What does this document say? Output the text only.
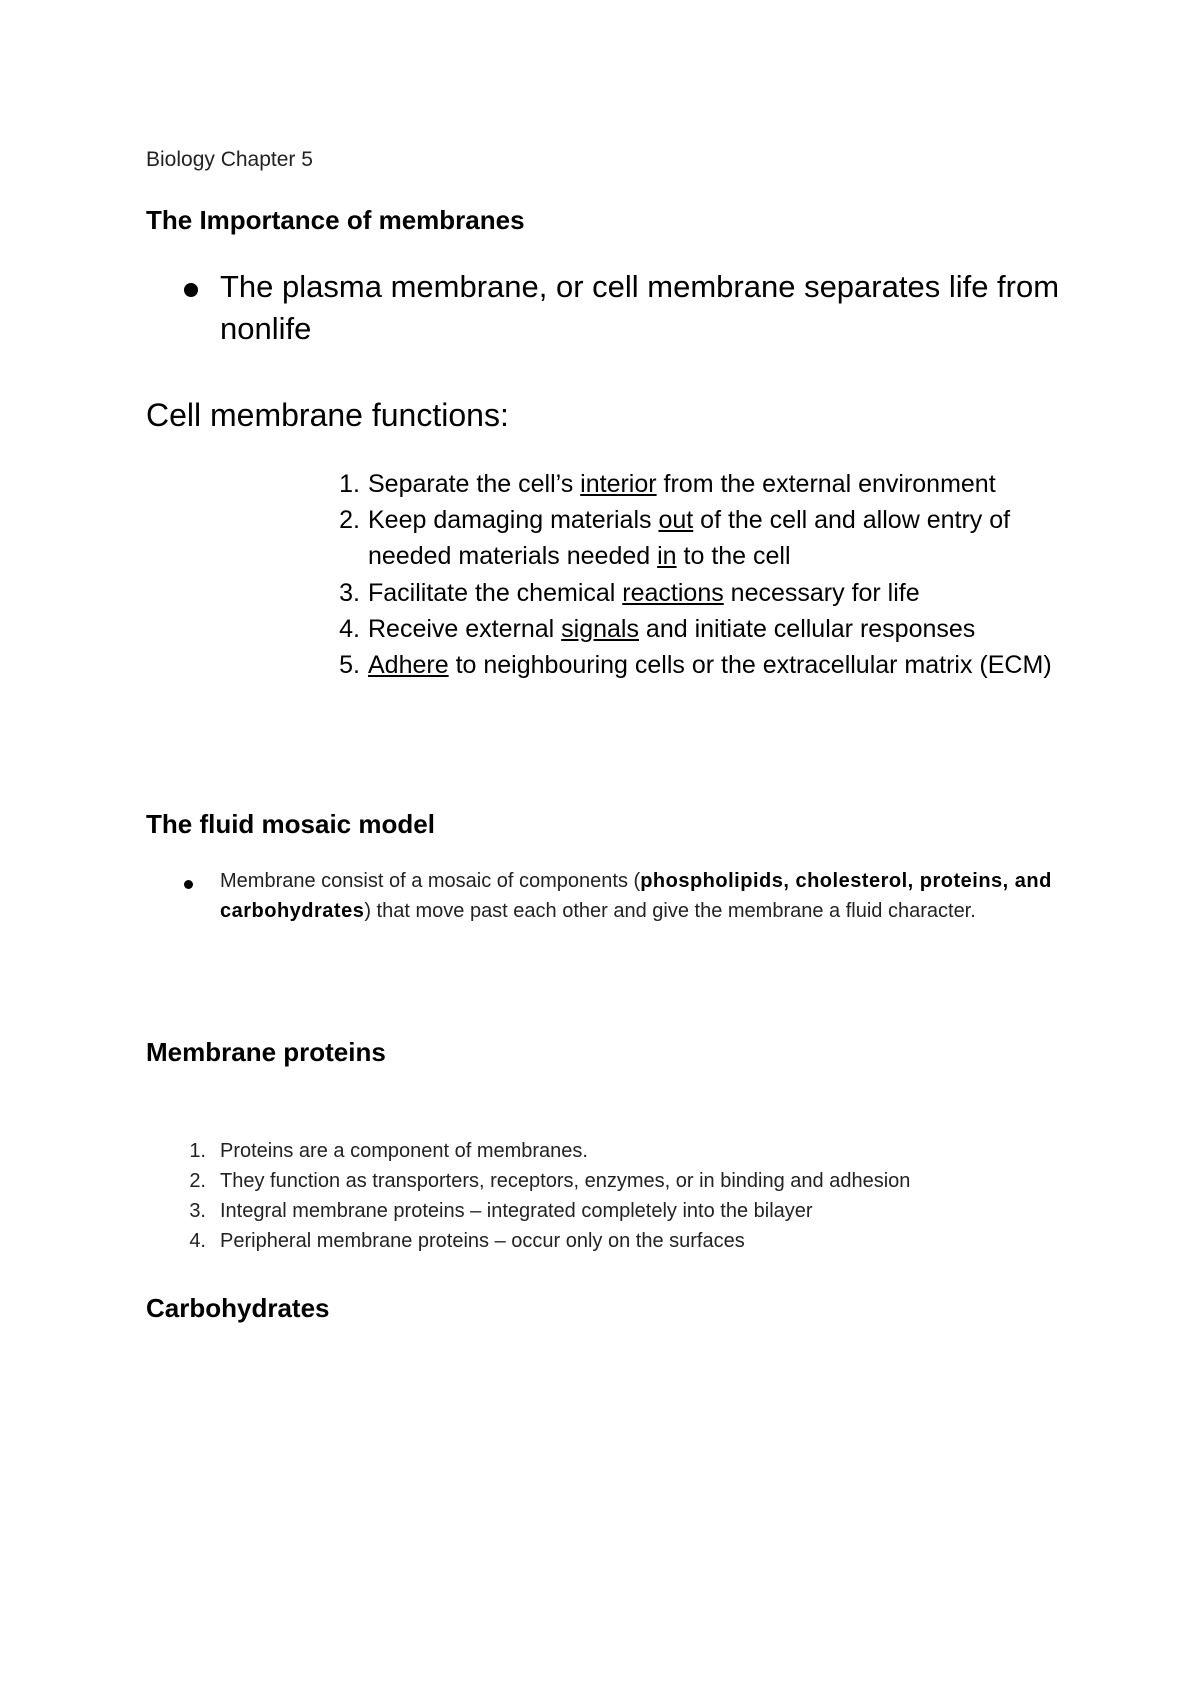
Biology Chapter 5
The Importance of membranes
The plasma membrane, or cell membrane separates life from nonlife
Cell membrane functions:
1. Separate the cell’s interior from the external environment
2. Keep damaging materials out of the cell and allow entry of needed materials needed in to the cell
3. Facilitate the chemical reactions necessary for life
4. Receive external signals and initiate cellular responses
5. Adhere to neighbouring cells or the extracellular matrix (ECM)
The fluid mosaic model
Membrane consist of a mosaic of components (phospholipids, cholesterol, proteins, and carbohydrates) that move past each other and give the membrane a fluid character.
Membrane proteins
1. Proteins are a component of membranes.
2. They function as transporters, receptors, enzymes, or in binding and adhesion
3. Integral membrane proteins – integrated completely into the bilayer
4. Peripheral membrane proteins – occur only on the surfaces
Carbohydrates
